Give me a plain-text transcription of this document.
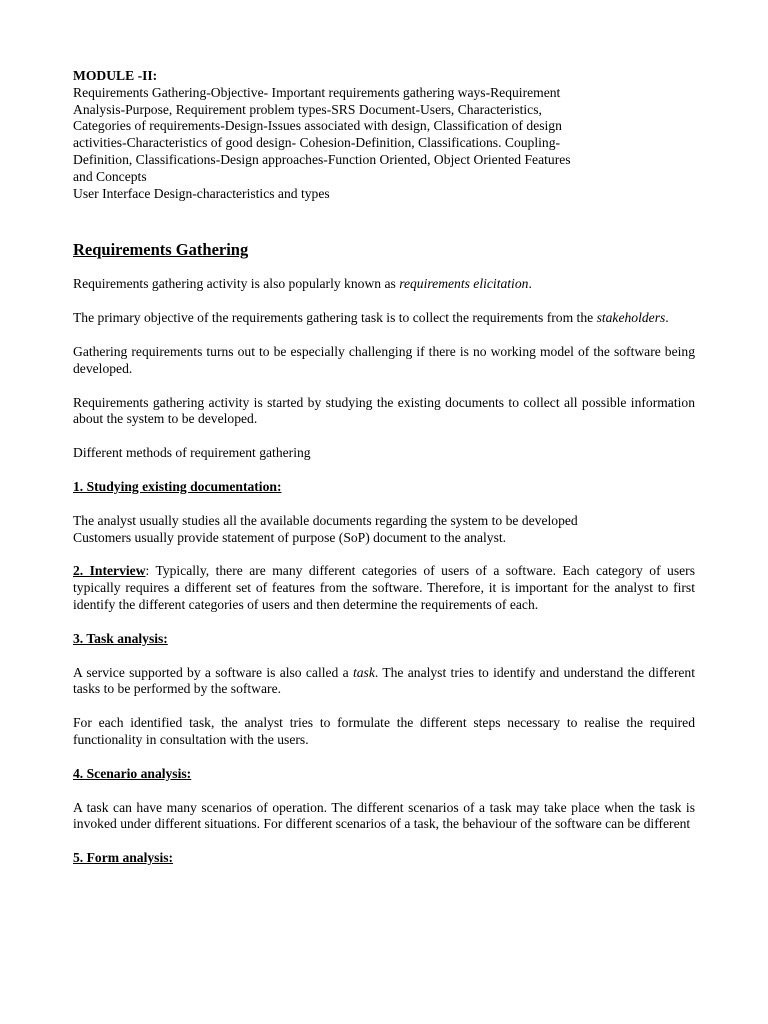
MODULE -II:
Requirements Gathering-Objective- Important requirements gathering ways-Requirement
Analysis-Purpose, Requirement problem types-SRS Document-Users, Characteristics,
Categories of requirements-Design-Issues associated with design, Classification of design
activities-Characteristics of good design- Cohesion-Definition, Classifications. Coupling-
Definition, Classifications-Design approaches-Function Oriented, Object Oriented Features
and Concepts
User Interface Design-characteristics and types
Requirements Gathering

Requirements gathering activity is also popularly known as requirements elicitation.

The primary objective of the requirements gathering task is to collect the requirements from the stakeholders.

Gathering requirements turns out to be especially challenging if there is no working model of the software being developed.

Requirements gathering activity is started by studying the existing documents to collect all possible information about the system to be developed.

Different methods of requirement gathering

1. Studying existing documentation:

The analyst usually studies all the available documents regarding the system to be developed
Customers usually provide statement of purpose (SoP) document to the analyst.

2. Interview: Typically, there are many different categories of users of a software. Each category of users typically requires a different set of features from the software. Therefore, it is important for the analyst to first identify the different categories of users and then determine the requirements of each.

3. Task analysis:

A service supported by a software is also called a task. The analyst tries to identify and understand the different tasks to be performed by the software.

For each identified task, the analyst tries to formulate the different steps necessary to realise the required functionality in consultation with the users.

4. Scenario analysis:

A task can have many scenarios of operation. The different scenarios of a task may take place when the task is invoked under different situations. For different scenarios of a task, the behaviour of the software can be different

5. Form analysis:
